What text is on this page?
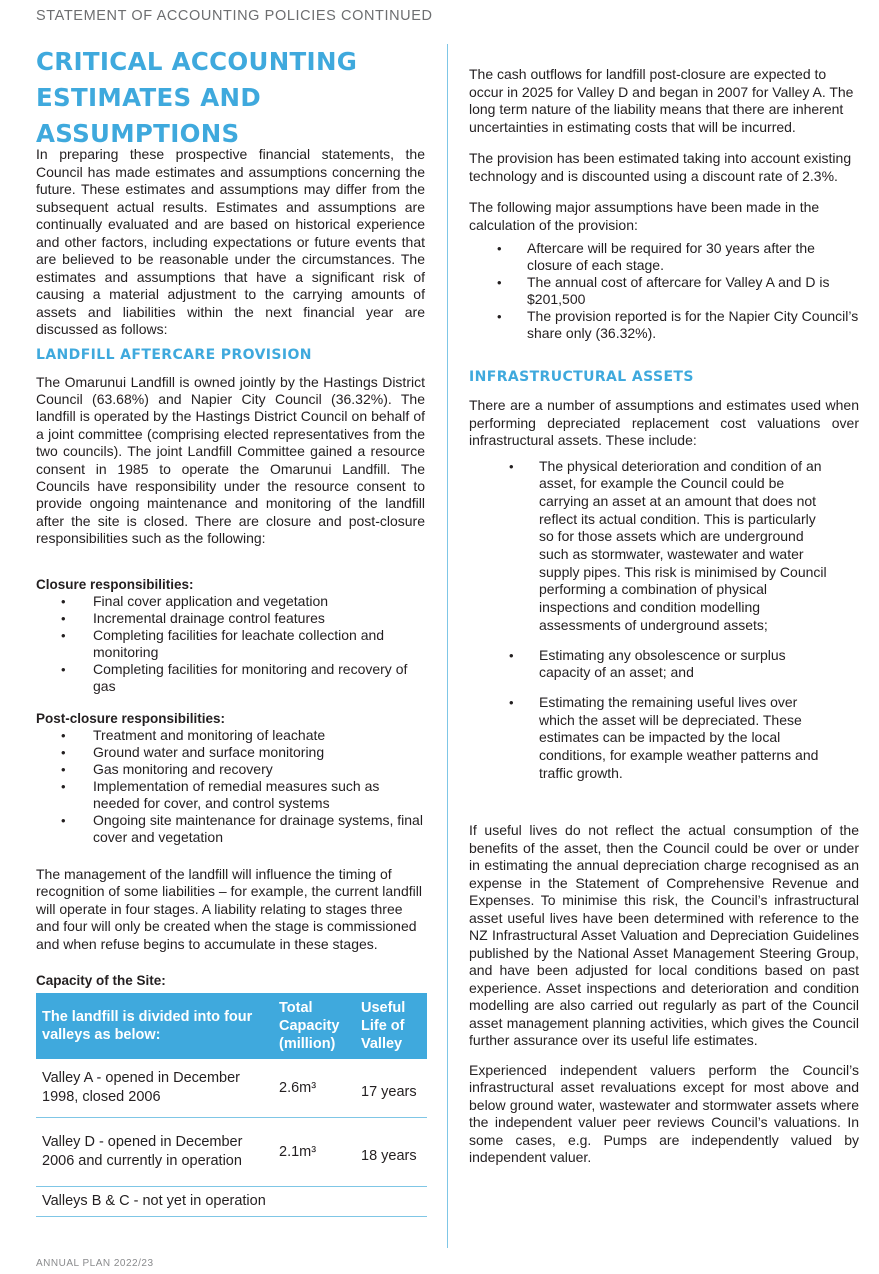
STATEMENT OF ACCOUNTING POLICIES CONTINUED
CRITICAL ACCOUNTING
ESTIMATES AND
ASSUMPTIONS

In preparing these prospective financial statements, the Council has made estimates and assumptions concerning the future. These estimates and assumptions may differ from the subsequent actual results. Estimates and assumptions are continually evaluated and are based on historical experience and other factors, including expectations or future events that are believed to be reasonable under the circumstances. The estimates and assumptions that have a significant risk of causing a material adjustment to the carrying amounts of assets and liabilities within the next financial year are discussed as follows:

LANDFILL AFTERCARE PROVISION

The Omarunui Landfill is owned jointly by the Hastings District Council (63.68%) and Napier City Council (36.32%). The landfill is operated by the Hastings District Council on behalf of a joint committee (comprising elected representatives from the two councils). The joint Landfill Committee gained a resource consent in 1985 to operate the Omarunui Landfill. The Councils have responsibility under the resource consent to provide ongoing maintenance and monitoring of the landfill after the site is closed. There are closure and post-closure responsibilities such as the following:

Closure responsibilities:
• Final cover application and vegetation
• Incremental drainage control features
• Completing facilities for leachate collection and monitoring
• Completing facilities for monitoring and recovery of gas
Post-closure responsibilities:
• Treatment and monitoring of leachate
• Ground water and surface monitoring
• Gas monitoring and recovery
• Implementation of remedial measures such as needed for cover, and control systems
• Ongoing site maintenance for drainage systems, final cover and vegetation

The management of the landfill will influence the timing of recognition of some liabilities – for example, the current landfill will operate in four stages. A liability relating to stages three and four will only be created when the stage is commissioned and when refuse begins to accumulate in these stages.

Capacity of the Site:
The landfill is divided into four valleys as below:	Total Capacity (million)	Useful Life of Valley
Valley A - opened in December 1998, closed 2006	2.6m³	17 years
Valley D - opened in December 2006 and currently in operation	2.1m³	18 years
Valleys B & C - not yet in operation		

The cash outflows for landfill post-closure are expected to occur in 2025 for Valley D and began in 2007 for Valley A. The long term nature of the liability means that there are inherent uncertainties in estimating costs that will be incurred.

The provision has been estimated taking into account existing technology and is discounted using a discount rate of 2.3%.

The following major assumptions have been made in the calculation of the provision:

• Aftercare will be required for 30 years after the closure of each stage.
• The annual cost of aftercare for Valley A and D is $201,500
• The provision reported is for the Napier City Council’s share only (36.32%).
INFRASTRUCTURAL ASSETS

There are a number of assumptions and estimates used when performing depreciated replacement cost valuations over infrastructural assets. These include:

• The physical deterioration and condition of an asset, for example the Council could be carrying an asset at an amount that does not reflect its actual condition. This is particularly so for those assets which are underground such as stormwater, wastewater and water supply pipes. This risk is minimised by Council performing a combination of physical inspections and condition modelling assessments of underground assets;
• Estimating any obsolescence or surplus capacity of an asset; and
• Estimating the remaining useful lives over which the asset will be depreciated. These estimates can be impacted by the local conditions, for example weather patterns and traffic growth.

If useful lives do not reflect the actual consumption of the benefits of the asset, then the Council could be over or under in estimating the annual depreciation charge recognised as an expense in the Statement of Comprehensive Revenue and Expenses. To minimise this risk, the Council’s infrastructural asset useful lives have been determined with reference to the NZ Infrastructural Asset Valuation and Depreciation Guidelines published by the National Asset Management Steering Group, and have been adjusted for local conditions based on past experience. Asset inspections and deterioration and condition modelling are also carried out regularly as part of the Council asset management planning activities, which gives the Council further assurance over its useful life estimates.

Experienced independent valuers perform the Council’s infrastructural asset revaluations except for most above and below ground water, wastewater and stormwater assets where the independent valuer peer reviews Council’s valuations. In some cases, e.g. Pumps are independently valued by independent valuer.

ANNUAL PLAN 2022/23
